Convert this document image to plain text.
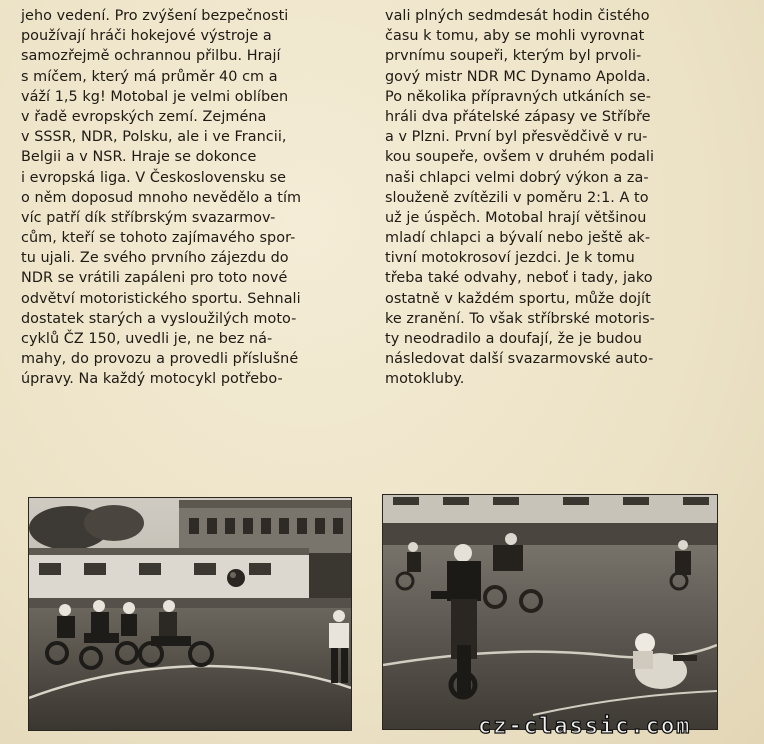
jeho vedení. Pro zvýšení bezpečnosti
používají hráči hokejové výstroje a
samozřejmě ochrannou přilbu. Hrají
s míčem, který má průměr 40 cm a
váží 1,5 kg! Motobal je velmi oblíben
v řadě evropských zemí. Zejména
v SSSR, NDR, Polsku, ale i ve Francii,
Belgii a v NSR. Hraje se dokonce
i evropská liga. V Československu se
o něm doposud mnoho nevědělo a tím
víc patří dík stříbrským svazarmov-
cům, kteří se tohoto zajímavého spor-
tu ujali. Ze svého prvního zájezdu do
NDR se vrátili zapáleni pro toto nové
odvětví motoristického sportu. Sehnali
dostatek starých a vysloužilých moto-
cyklů ČZ 150, uvedli je, ne bez ná-
mahy, do provozu a provedli příslušné
úpravy. Na každý motocykl potřebo-
vali plných sedmdesát hodin čistého
času k tomu, aby se mohli vyrovnat
prvnímu soupeři, kterým byl prvoli-
gový mistr NDR MC Dynamo Apolda.
Po několika přípravných utkáních se-
hráli dva přátelské zápasy ve Stříbře
a v Plzni. První byl přesvědčivě v ru-
kou soupeře, ovšem v druhém podali
naši chlapci velmi dobrý výkon a za-
slouženě zvítězili v poměru 2:1. A to
už je úspěch. Motobal hrají většinou
mladí chlapci a bývalí nebo ještě ak-
tivní motokrosoví jezdci. Je k tomu
třeba také odvahy, neboť i tady, jako
ostatně v každém sportu, může dojít
ke zranění. To však stříbrské motoris-
ty neodradilo a doufají, že je budou
následovat další svazarmovské auto-
motokluby.
cz-classic.com
